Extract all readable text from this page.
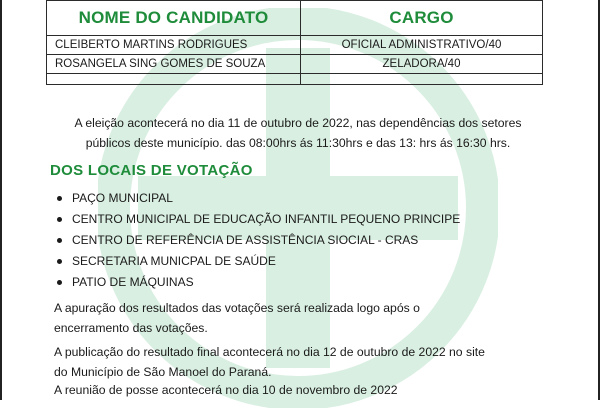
NOME DO CANDIDATO	CARGO
CLEIBERTO MARTINS RODRIGUES	OFICIAL ADMINISTRATIVO/40
ROSANGELA SING GOMES DE SOUZA	ZELADORA/40

A eleição acontecerá no dia 11 de outubro de 2022, nas dependências dos setores
públicos deste município. das 08:00hrs ás 11:30hrs e das 13: hrs ás 16:30 hrs.
DOS LOCAIS DE VOTAÇÃO
PAÇO MUNICIPAL
CENTRO MUNICIPAL DE EDUCAÇÃO INFANTIL PEQUENO PRINCIPE
CENTRO DE REFERÊNCIA DE ASSISTÊNCIA SIOCIAL - CRAS
SECRETARIA MUNICPAL DE SAÚDE
PATIO DE MÁQUINAS
A apuração dos resultados das votações será realizada logo após o
encerramento das votações.
A publicação do resultado final acontecerá no dia 12 de outubro de 2022 no site
do Município de São Manoel do Paraná.
A reunião de posse acontecerá no dia 10 de novembro de 2022
